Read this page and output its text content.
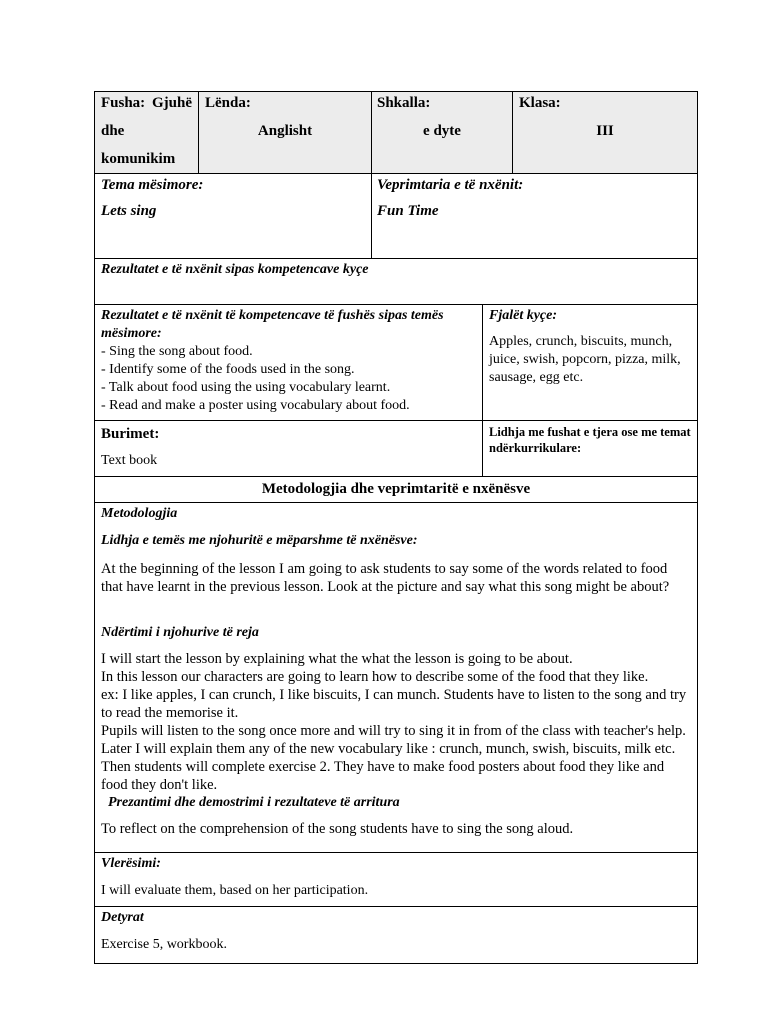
Fusha: Gjuhë
dhe
komunikim
Lënda:
Anglisht
Shkalla:
e dyte
Klasa:
III
Tema mësimore:
Lets sing
Veprimtaria e të nxënit:
Fun Time
Rezultatet e të nxënit sipas kompetencave kyçe
Rezultatet e të nxënit të kompetencave të fushës sipas temës mësimore:
- Sing the song about food.
- Identify some of the foods used in the song.
- Talk about food using the using vocabulary learnt.
- Read and make a poster using vocabulary about food.
Fjalët kyçe:
Apples, crunch, biscuits, munch, juice, swish, popcorn, pizza, milk, sausage, egg etc.
Burimet:
Text book
Lidhja me fushat e tjera ose me temat ndërkurrikulare:
Metodologjia dhe veprimtaritë e nxënësve
Metodologjia
Lidhja e temës me njohuritë e mëparshme të nxënësve:

At the beginning of the lesson I am going to ask students to say some of the words related to food that have learnt in the previous lesson. Look at the picture and say what this song might be about?

Ndërtimi i njohurive të reja

I will start the lesson by explaining what the what the lesson is going to be about.

In this lesson our characters are going to learn how to describe some of the food that they like.

ex: I like apples, I can crunch, I like biscuits, I can munch. Students have to listen to the song and try to read the memorise it.

Pupils will listen to the song once more and will try to sing it in from of the class with teacher's help. Later I will explain them any of the new vocabulary like : crunch, munch, swish, biscuits, milk etc. Then students will complete exercise 2. They have to make food posters about food they like and food they don't like.

Prezantimi dhe demostrimi i rezultateve të arritura

To reflect on the comprehension of the song students have to sing the song aloud.

Vlerësimi:
I will evaluate them, based on her participation.
Detyrat
Exercise 5, workbook.
